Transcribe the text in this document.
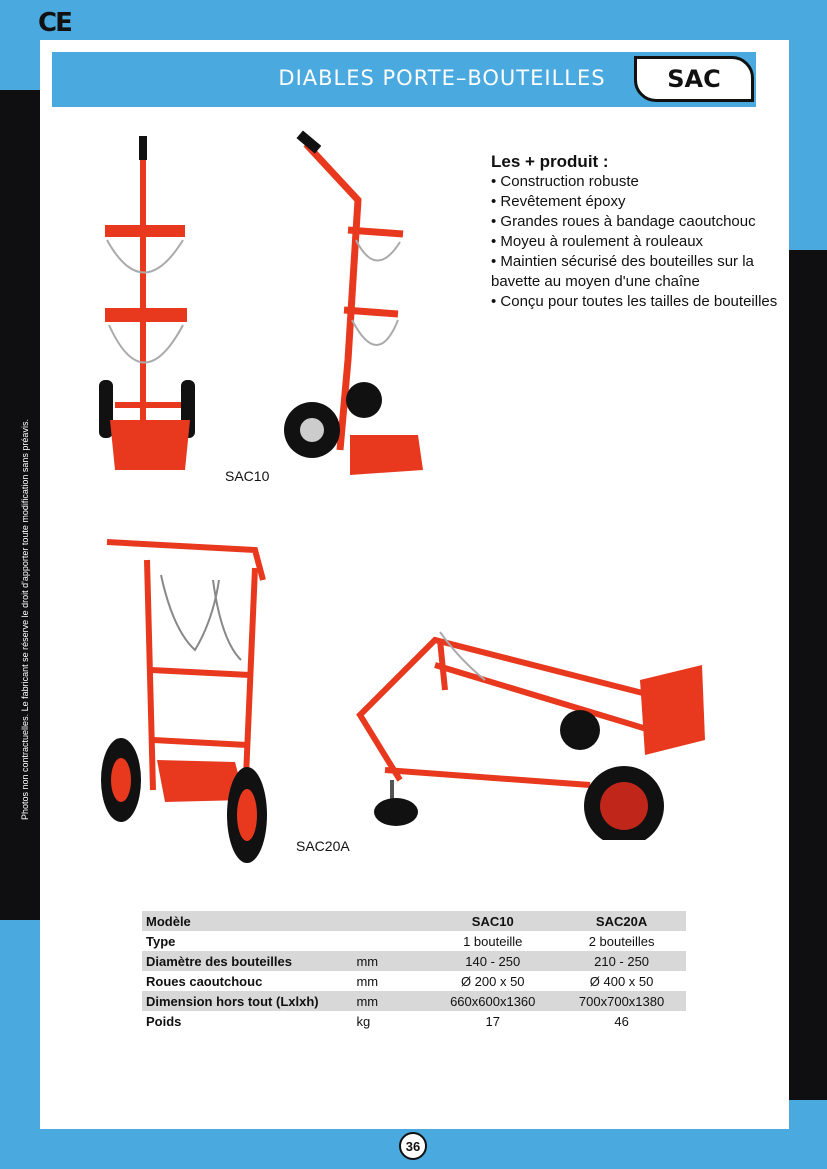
CE
DIABLES PORTE–BOUTEILLES	SAC
Photos non contractuelles. Le fabricant se réserve le droit d'apporter toute modification sans préavis.
Les + produit :
• Construction robuste
• Revêtement époxy
• Grandes roues à bandage caoutchouc
• Moyeu à roulement à rouleaux
• Maintien sécurisé des bouteilles sur la bavette au moyen d'une chaîne
• Conçu pour toutes les tailles de bouteilles
SAC10
SAC20A
Modèle		SAC10	SAC20A
Type		1 bouteille	2 bouteilles
Diamètre des bouteilles	mm	140 - 250	210 - 250
Roues caoutchouc	mm	Ø 200 x 50	Ø 400 x 50
Dimension hors tout (Lxlxh)	mm	660x600x1360	700x700x1380
Poids	kg	17	46
36
